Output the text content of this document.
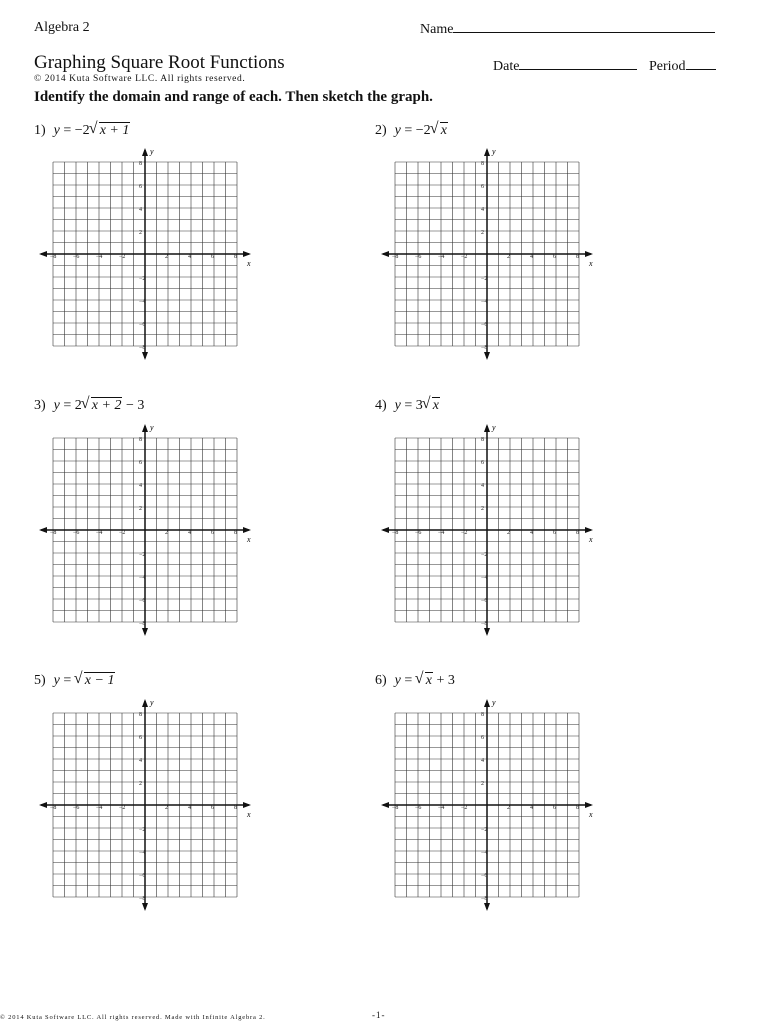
Algebra 2	Name
Graphing Square Root Functions	Date	Period
© 2014 Kuta Software LLC. All rights reserved.
Identify the domain and range of each. Then sketch the graph.
1) y = −2 √ x + 1	2) y = −2 √ x
3) y = 2 √ x + 2 − 3	4) y = 3 √ x
5) y = √ x − 1	6) y = √ x + 3
x
y
−8	−6	−4	−2	2	4	6	8
8
6
4
2
−2
−4
−6
−8
x
y
−8	−6	−4	−2	2	4	6	8
8
6
4
2
−2
−4
−6
−8
x
y
−8	−6	−4	−2	2	4	6	8
8
6
4
2
−2
−4
−6
−8
x
y
−8	−6	−4	−2	2	4	6	8
8
6
4
2
−2
−4
−6
−8
x
y
−8	−6	−4	−2	2	4	6	8
8
6
4
2
−2
−4
−6
−8
x
y
−8	−6	−4	−2	2	4	6	8
8
6
4
2
−2
−4
−6
−8
© 2014 Kuta Software LLC. All rights reserved. Made with Infinite Algebra 2.	-1-
